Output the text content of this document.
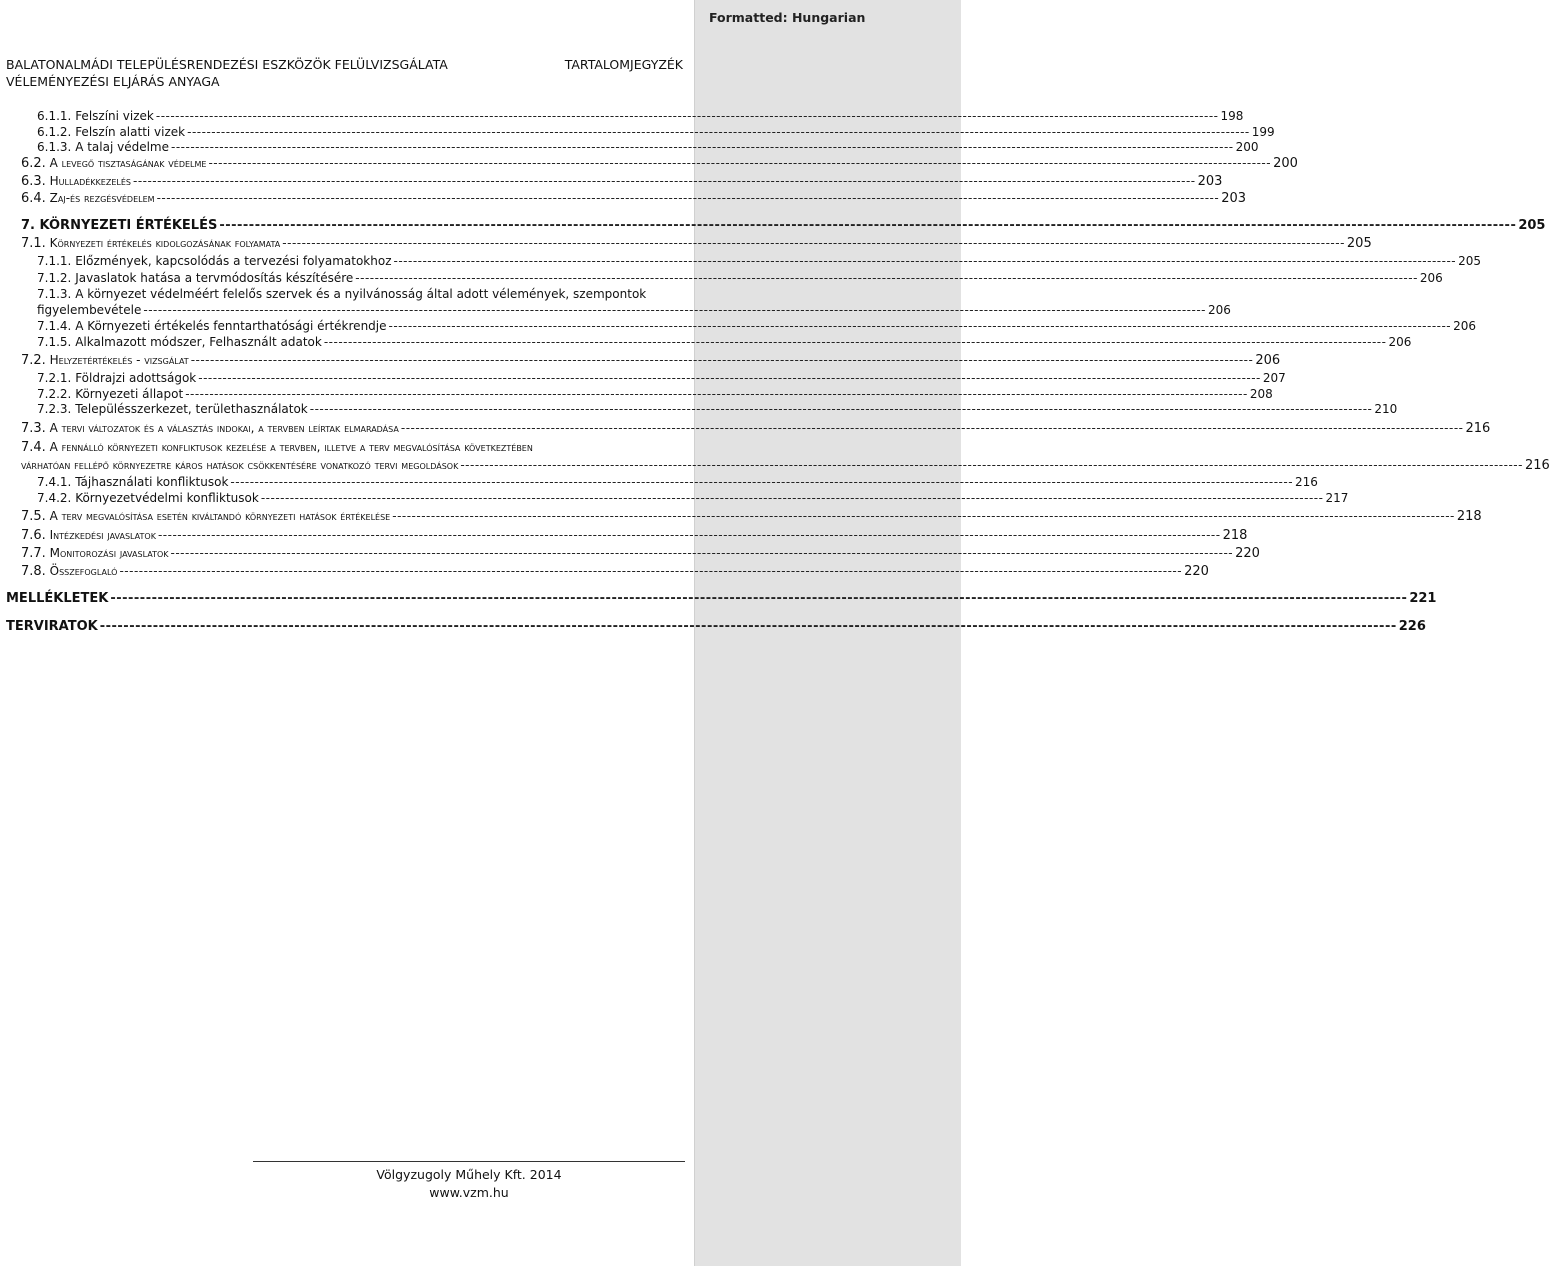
BALATONALMÁDI TELEPÜLÉSRENDEZÉSI ESZKÖZÖK FELÜLVIZSGÁLATA	TARTALOMJEGYZÉK
VÉLEMÉNYEZÉSI ELJÁRÁS ANYAGA
Formatted: Hungarian
6.1.1. Felszíni vizek ---------------------------------------------------------------------------------------------------------------------------------------------------------------------------------------------------------------------------- 198
6.1.2. Felszín alatti vizek ---------------------------------------------------------------------------------------------------------------------------------------------------------------------------------------------------------------------------- 199
6.1.3. A talaj védelme ---------------------------------------------------------------------------------------------------------------------------------------------------------------------------------------------------------------------------- 200
6.2. A levegő tisztaságának védelme ---------------------------------------------------------------------------------------------------------------------------------------------------------------------------------------------------------------------------- 200
6.3. Hulladékkezelés ---------------------------------------------------------------------------------------------------------------------------------------------------------------------------------------------------------------------------- 203
6.4. Zaj-és rezgésvédelem ---------------------------------------------------------------------------------------------------------------------------------------------------------------------------------------------------------------------------- 203
7. KÖRNYEZETI ÉRTÉKELÉS ---------------------------------------------------------------------------------------------------------------------------------------------------------------------------------------------------------------------------- 205
7.1. Környezeti értékelés kidolgozásának folyamata ---------------------------------------------------------------------------------------------------------------------------------------------------------------------------------------------------------------------------- 205
7.1.1. Előzmények, kapcsolódás a tervezési folyamatokhoz ---------------------------------------------------------------------------------------------------------------------------------------------------------------------------------------------------------------------------- 205
7.1.2. Javaslatok hatása a tervmódosítás készítésére ---------------------------------------------------------------------------------------------------------------------------------------------------------------------------------------------------------------------------- 206
7.1.3. A környezet védelméért felelős szervek és a nyilvánosság által adott vélemények, szempontok
figyelembevétele ---------------------------------------------------------------------------------------------------------------------------------------------------------------------------------------------------------------------------- 206
7.1.4. A Környezeti értékelés fenntarthatósági értékrendje ---------------------------------------------------------------------------------------------------------------------------------------------------------------------------------------------------------------------------- 206
7.1.5. Alkalmazott módszer, Felhasznált adatok ---------------------------------------------------------------------------------------------------------------------------------------------------------------------------------------------------------------------------- 206
7.2. Helyzetértékelés - vizsgálat ---------------------------------------------------------------------------------------------------------------------------------------------------------------------------------------------------------------------------- 206
7.2.1. Földrajzi adottságok ---------------------------------------------------------------------------------------------------------------------------------------------------------------------------------------------------------------------------- 207
7.2.2. Környezeti állapot ---------------------------------------------------------------------------------------------------------------------------------------------------------------------------------------------------------------------------- 208
7.2.3. Településszerkezet, területhasználatok ---------------------------------------------------------------------------------------------------------------------------------------------------------------------------------------------------------------------------- 210
7.3. A tervi változatok és a választás indokai, a tervben leírtak elmaradása ---------------------------------------------------------------------------------------------------------------------------------------------------------------------------------------------------------------------------- 216
7.4. A fennálló környezeti konfliktusok kezelése a tervben, illetve a terv megvalósítása következtében
várhatóan fellépő környezetre káros hatások csökkentésére vonatkozó tervi megoldások ---------------------------------------------------------------------------------------------------------------------------------------------------------------------------------------------------------------------------- 216
7.4.1. Tájhasználati konfliktusok ---------------------------------------------------------------------------------------------------------------------------------------------------------------------------------------------------------------------------- 216
7.4.2. Környezetvédelmi konfliktusok ---------------------------------------------------------------------------------------------------------------------------------------------------------------------------------------------------------------------------- 217
7.5. A terv megvalósítása esetén kiváltandó környezeti hatások értékelése ---------------------------------------------------------------------------------------------------------------------------------------------------------------------------------------------------------------------------- 218
7.6. Intézkedési javaslatok ---------------------------------------------------------------------------------------------------------------------------------------------------------------------------------------------------------------------------- 218
7.7. Monitorozási javaslatok ---------------------------------------------------------------------------------------------------------------------------------------------------------------------------------------------------------------------------- 220
7.8. Összefoglaló ---------------------------------------------------------------------------------------------------------------------------------------------------------------------------------------------------------------------------- 220
MELLÉKLETEK ---------------------------------------------------------------------------------------------------------------------------------------------------------------------------------------------------------------------------- 221
TERVIRATOK ---------------------------------------------------------------------------------------------------------------------------------------------------------------------------------------------------------------------------- 226
Völgyzugoly Műhely Kft. 2014
www.vzm.hu
